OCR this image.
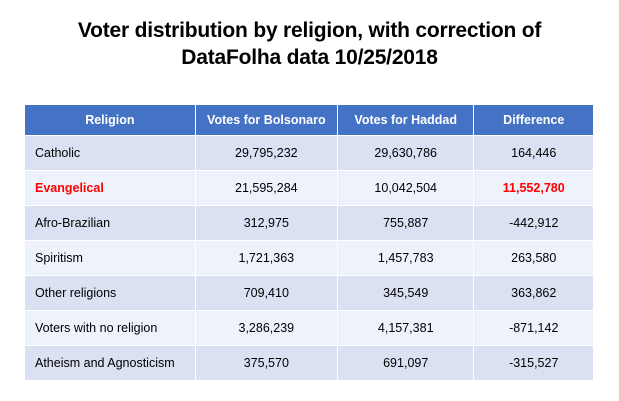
Voter distribution by religion, with correction of DataFolha data 10/25/2018
Religion	Votes for Bolsonaro	Votes for Haddad	Difference
Catholic	29,795,232	29,630,786	164,446
Evangelical	21,595,284	10,042,504	11,552,780
Afro-Brazilian	312,975	755,887	-442,912
Spiritism	1,721,363	1,457,783	263,580
Other religions	709,410	345,549	363,862
Voters with no religion	3,286,239	4,157,381	-871,142
Atheism and Agnosticism	375,570	691,097	-315,527
